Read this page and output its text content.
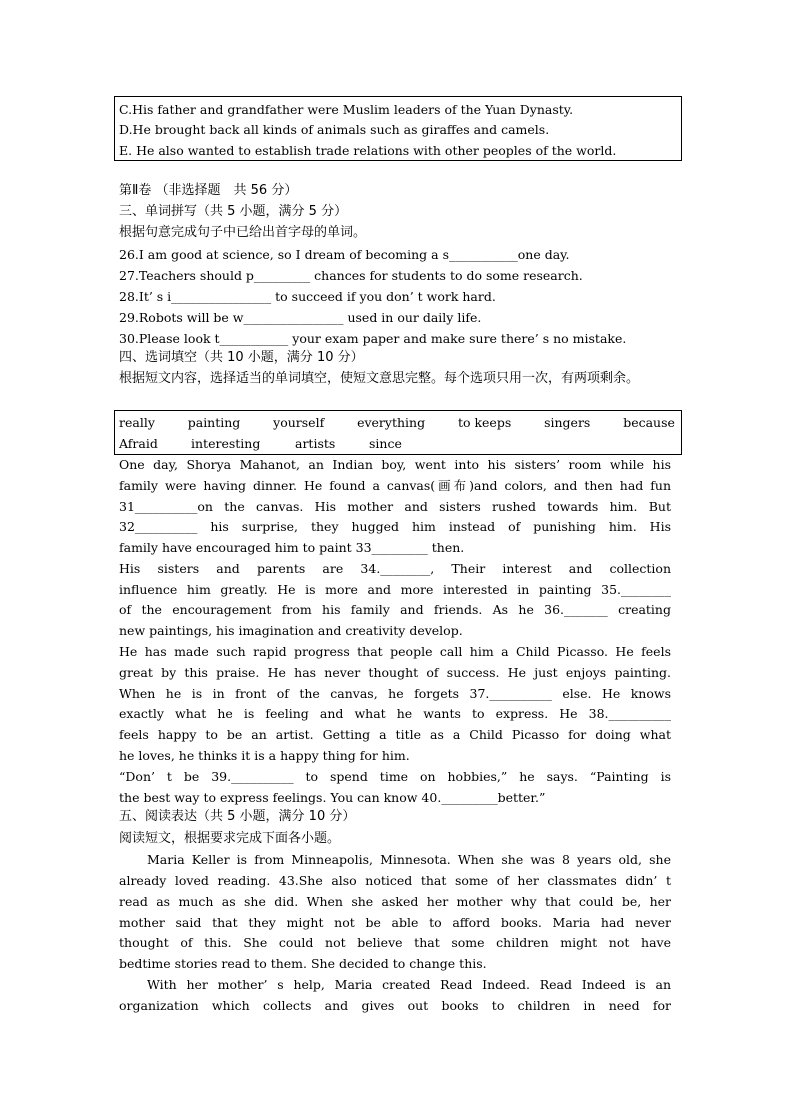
C.His father and grandfather were Muslim leaders of the Yuan Dynasty.
D.He brought back all kinds of animals such as giraffes and camels.
E. He also wanted to establish trade relations with other peoples of the world.
第Ⅱ卷 （非选择题　共 56 分）
三、单词拼写（共 5 小题，满分 5 分）
根据句意完成句子中已给出首字母的单词。
26.I am good at science, so I dream of becoming a s___________one day.
27.Teachers should p_________ chances for students to do some research.
28.It’ s i________________ to succeed if you don’ t work hard.
29.Robots will be w________________ used in our daily life.
30.Please look t___________ your exam paper and make sure there’ s no mistake.
四、选词填空（共 10 小题，满分 10 分）
根据短文内容，选择适当的单词填空，使短文意思完整。每个选项只用一次，有两项剩余。
really	painting	yourself	everything	to keeps	singers	because
Afraid	interesting	artists	since
One day, Shorya Mahanot, an Indian boy, went into his sisters’ room while his
family were having dinner. He found a canvas(画布)and colors, and then had fun
31__________on the canvas. His mother and sisters rushed towards him. But
32__________ his surprise, they hugged him instead of punishing him. His
family have encouraged him to paint 33_________ then.
His sisters and parents are 34.________, Their interest and collection
influence him greatly. He is more and more interested in painting 35.________
of the encouragement from his family and friends. As he 36._______ creating
new paintings, his imagination and creativity develop.
He has made such rapid progress that people call him a Child Picasso. He feels
great by this praise. He has never thought of success. He just enjoys painting.
When he is in front of the canvas, he forgets 37.__________ else. He knows
exactly what he is feeling and what he wants to express. He 38.__________
feels happy to be an artist. Getting a title as a Child Picasso for doing what
he loves, he thinks it is a happy thing for him.
“Don’ t be 39.__________ to spend time on hobbies,” he says. “Painting is
the best way to express feelings. You can know 40._________better.”
五、阅读表达（共 5 小题，满分 10 分）
阅读短文，根据要求完成下面各小题。
Maria Keller is from Minneapolis, Minnesota. When she was 8 years old, she
already loved reading. 43.She also noticed that some of her classmates didn’ t
read as much as she did. When she asked her mother why that could be, her
mother said that they might not be able to afford books. Maria had never
thought of this. She could not believe that some children might not have
bedtime stories read to them. She decided to change this.
With her mother’ s help, Maria created Read Indeed. Read Indeed is an
organization which collects and gives out books to children in need for
